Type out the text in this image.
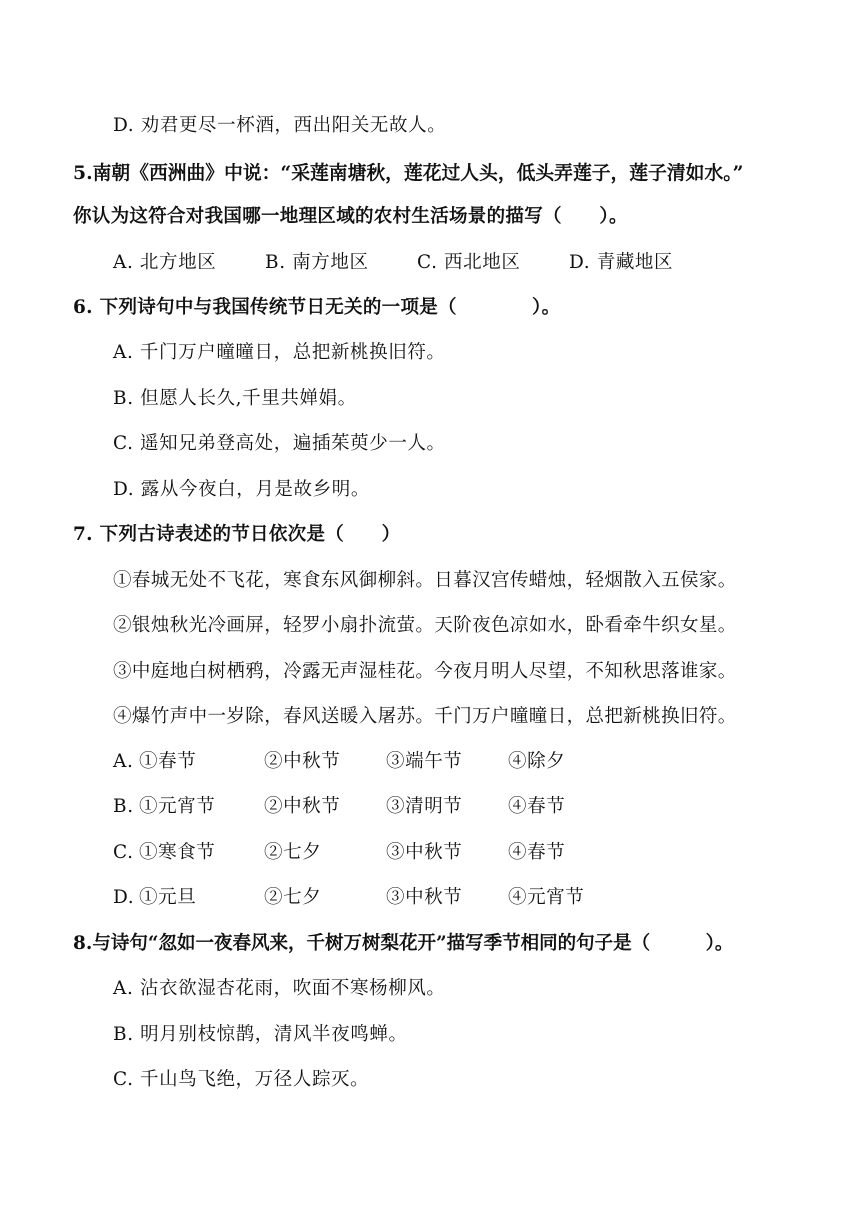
D. 劝君更尽一杯酒，西出阳关无故人。
5.南朝《西洲曲》中说：“采莲南塘秋，莲花过人头，低头弄莲子，莲子清如水。”
你认为这符合对我国哪一地理区域的农村生活场景的描写（　　）。
A. 北方地区	B. 南方地区	C. 西北地区	D. 青藏地区
6. 下列诗句中与我国传统节日无关的一项是（　　　　）。
A. 千门万户曈曈日，总把新桃换旧符。
B. 但愿人长久,千里共婵娟。
C. 遥知兄弟登高处，遍插茱萸少一人。
D. 露从今夜白，月是故乡明。
7. 下列古诗表述的节日依次是（　　）
①春城无处不飞花，寒食东风御柳斜。日暮汉宫传蜡烛，轻烟散入五侯家。
②银烛秋光冷画屏，轻罗小扇扑流萤。天阶夜色凉如水，卧看牵牛织女星。
③中庭地白树栖鸦，冷露无声湿桂花。今夜月明人尽望，不知秋思落谁家。
④爆竹声中一岁除，春风送暖入屠苏。千门万户曈曈日，总把新桃换旧符。
A. ①春节	②中秋节 ③端午节 ④除夕
B. ①元宵节	②中秋节 ③清明节 ④春节
C. ①寒食节	②七夕	③中秋节 ④春节
D. ①元旦	②七夕	③中秋节 ④元宵节
8.与诗句“忽如一夜春风来，千树万树梨花开”描写季节相同的句子是（　　　）。
A. 沾衣欲湿杏花雨，吹面不寒杨柳风。
B. 明月别枝惊鹊，清风半夜鸣蝉。
C. 千山鸟飞绝，万径人踪灭。
